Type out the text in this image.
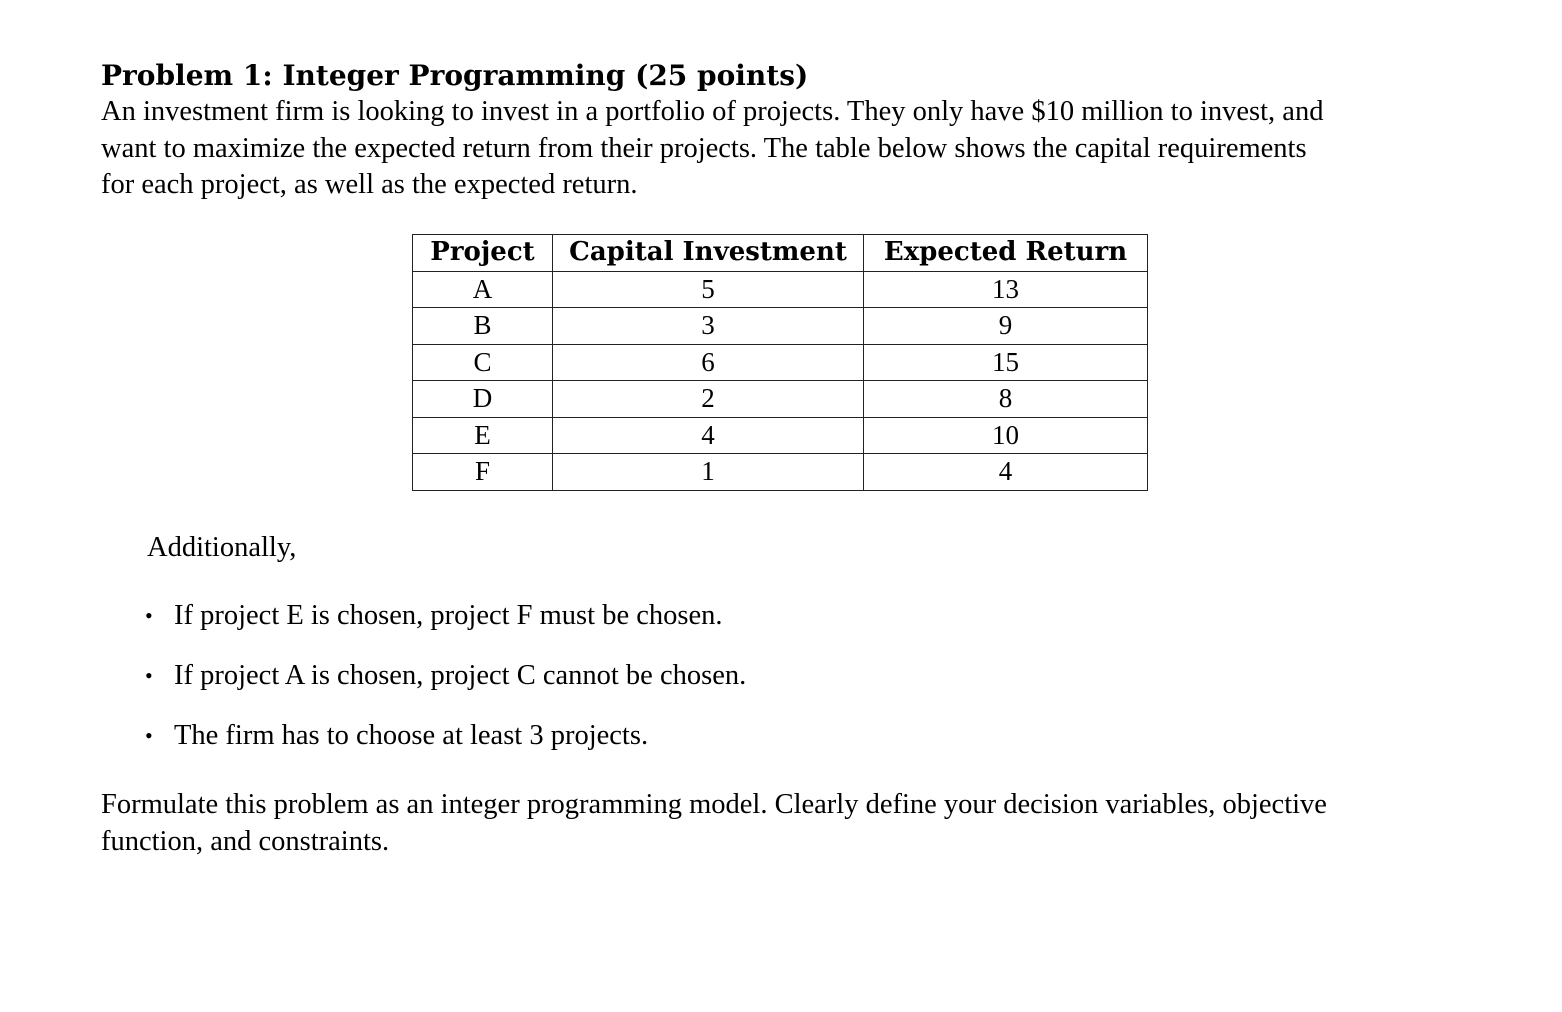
Problem 1: Integer Programming (25 points)

An investment firm is looking to invest in a portfolio of projects. They only have $10 million to invest, and
want to maximize the expected return from their projects. The table below shows the capital requirements
for each project, as well as the expected return.

Project	Capital Investment	Expected Return
A	5	13
B	3	9
C	6	15
D	2	8
E	4	10
F	1	4

Additionally,

• If project E is chosen, project F must be chosen.
• If project A is chosen, project C cannot be chosen.
• The firm has to choose at least 3 projects.

Formulate this problem as an integer programming model. Clearly define your decision variables, objective
function, and constraints.
